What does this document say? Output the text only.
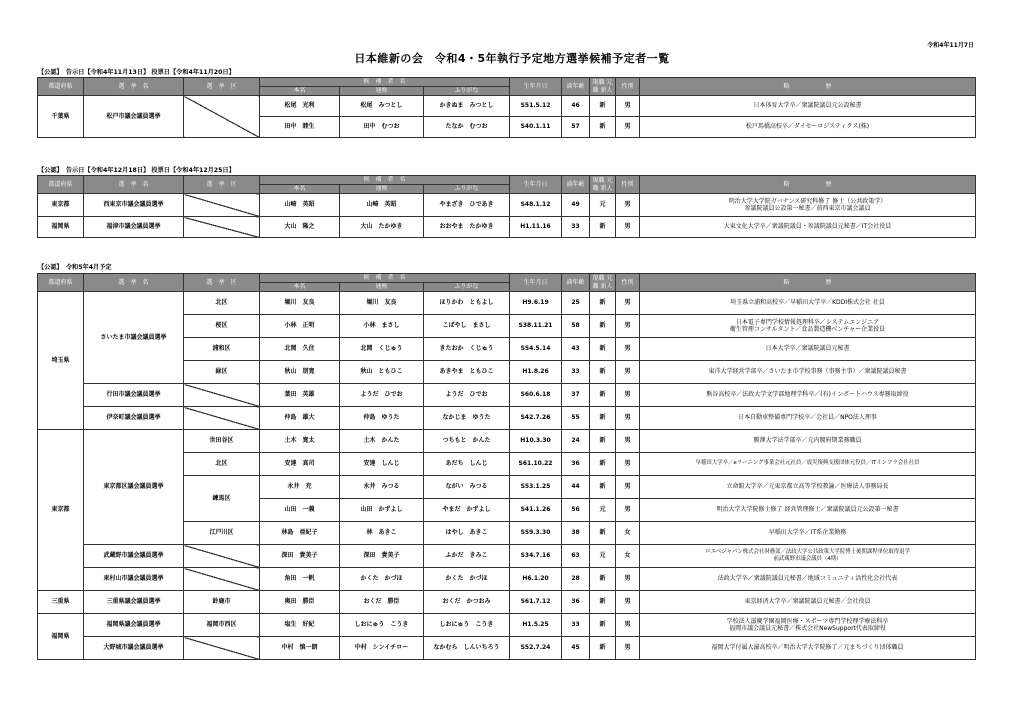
令和4年11月7日
日本維新の会　令和4・5年執行予定地方選挙候補予定者一覧
【公認】　告示日【令和4年11月13日】 投票日【令和4年11月20日】
都道府県	選　挙　名	選　挙　区	候　補　者　名			生年月日	満年齢	現職 元職 新人	性別	略　　　　　　歴
			本名	通称	ふりがな					
千葉県	松戸市議会議員選挙		松尾　光利	松尾　みつとし	かきぬま　みつとし	S51.5.12	46	新	男	日本体育大学卒／衆議院議員元公設秘書
			田中　睦生	田中　むつお	たなか　むつお	S40.1.11	57	新	男	松戸馬橋高校卒／ダイセーロジスティクス(株)
【公認】　告示日【令和4年12月18日】 投票日【令和4年12月25日】
都道府県	選　挙　名	選　挙　区	候　補　者　名			生年月日	満年齢	現職 元職 新人	性別	略　　　　　　歴
			本名	通称	ふりがな					
東京都	西東京市議会議員選挙		山崎　英昭	山崎　英昭	やまざき　ひであき	S48.1.12	49	元	男	明治大学大学院ガバナンス研究科修了 修士（公共政策学）
参議院議員公設第一秘書／前西東京市議会議員
福岡県	福津市議会議員選挙		大山　隆之	大山　たかゆき	おおやま　たかゆき	H1.11.16	33	新	男	大東文化大学卒／衆議院議員・参議院議員元秘書／IT会社役員
【公認】　令和5年4月予定
都道府県	選　挙　名	選　挙　区	候　補　者　名			生年月日	満年齢	現職 元職 新人	性別	略　　　　　　歴
			本名	通称	ふりがな					
埼玉県	さいたま市議会議員選挙	北区	堀川　友良	堀川　友良	ほりかわ　ともよし	H9.6.19	25	新	男	埼玉県立浦和高校卒／早稲田大学卒／KDDI株式会社 社員
		桜区	小林　正明	小林　まさし	こばやし　まさし	S38.11.21	58	新	男	日本電子専門学校情報処理科卒／システムエンジニア
衛生管理コンサルタント／食品製造機ベンチャー企業役員
		浦和区	北岡　久住	北岡　くじゅう	きたおか　くじゅう	S54.5.14	43	新	男	日本大学卒／衆議院議員元秘書
		緑区	秋山　朋寛	秋山　ともひこ	あきやま　ともひこ	H1.8.26	33	新	男	東洋大学経営学部卒／さいたま市学校事務（事務主事）／衆議院議員秘書
	行田市議会議員選挙		葉田　英雄	ようだ　ひでお	ようだ　ひでお	S60.6.18	37	新	男	熊谷高校卒／法政大学文学部地理学科卒／(有)インポートハウス専務取締役
	伊奈町議会議員選挙		仲島　雄大	仲島　ゆうた	なかじま　ゆうた	S42.7.26	55	新	男	日本自動車整備専門学校卒／会社員／NPO法人理事
東京都	東京都区議会議員選挙	世田谷区	土木　寛太	土木　かんた	つちもと　かんた	H10.3.30	24	新	男	駒澤大学法学部卒／元内閣府期業務職員
		北区	安達　真司	安達　しんじ	あだち　しんじ	S61.10.22	36	新	男	早稲田大学卒／eラーニング事業会社元社員／震災復興支援団体元役員／ITインフラ会社社員
		練馬区	永井　充	永井　みつる	ながい　みつる	S53.1.25	44	新	男	立命館大学卒／元東京都立高等学校教諭／医療法人事務局長
			山田　一義	山田　かずよし	やまだ　かずよし	S41.1.26	56	元	男	明治大学大学院修士修了 経営管理修士／衆議院議員元公設第一秘書
		江戸川区	林島　亜紀子	林　あきこ	はやし　あきこ	S59.3.30	38	新	女	早稲田大学卒／IT系企業勤務
	武蔵野市議会議員選挙		深田　貴美子	深田　貴美子	ふかだ　きみこ	S34.7.16	63	元	女	ロエベジャパン株式会社財務部／法政大学公共政策大学院博士後期課程単位取得退学
前武蔵野市議会議員（4期）
	東村山市議会議員選挙		角田　一帆	かくた　かづほ	かくた　かづほ	H6.1.20	28	新	男	法政大学卒／衆議院議員元秘書／地域コミュニティ活性化会社代表
三重県	三重県議会議員選挙	鈴鹿市	奥田　勝臣	おくだ　勝臣	おくだ　かつおみ	S61.7.12	36	新	男	東京経済大学卒／衆議院議員元秘書／会社役員
福岡県	福岡県議会議員選挙	福岡市西区	塩生　好紀	しおにゅう　こうき	しおにゅう　こうき	H1.5.25	33	新	男	学校法人滋慶学園福岡医療・スポーツ専門学校理学療法科卒
福岡市議会議員元秘書／株式会社NewSupport代表取締役
	大野城市議会議員選挙		中村　慎一朗	中村　シンイチロー	なかむら　しんいちろう	S52.7.24	45	新	男	福岡大学付属大濠高校卒／明治大学大学院修了／元まちづくり団体職員
